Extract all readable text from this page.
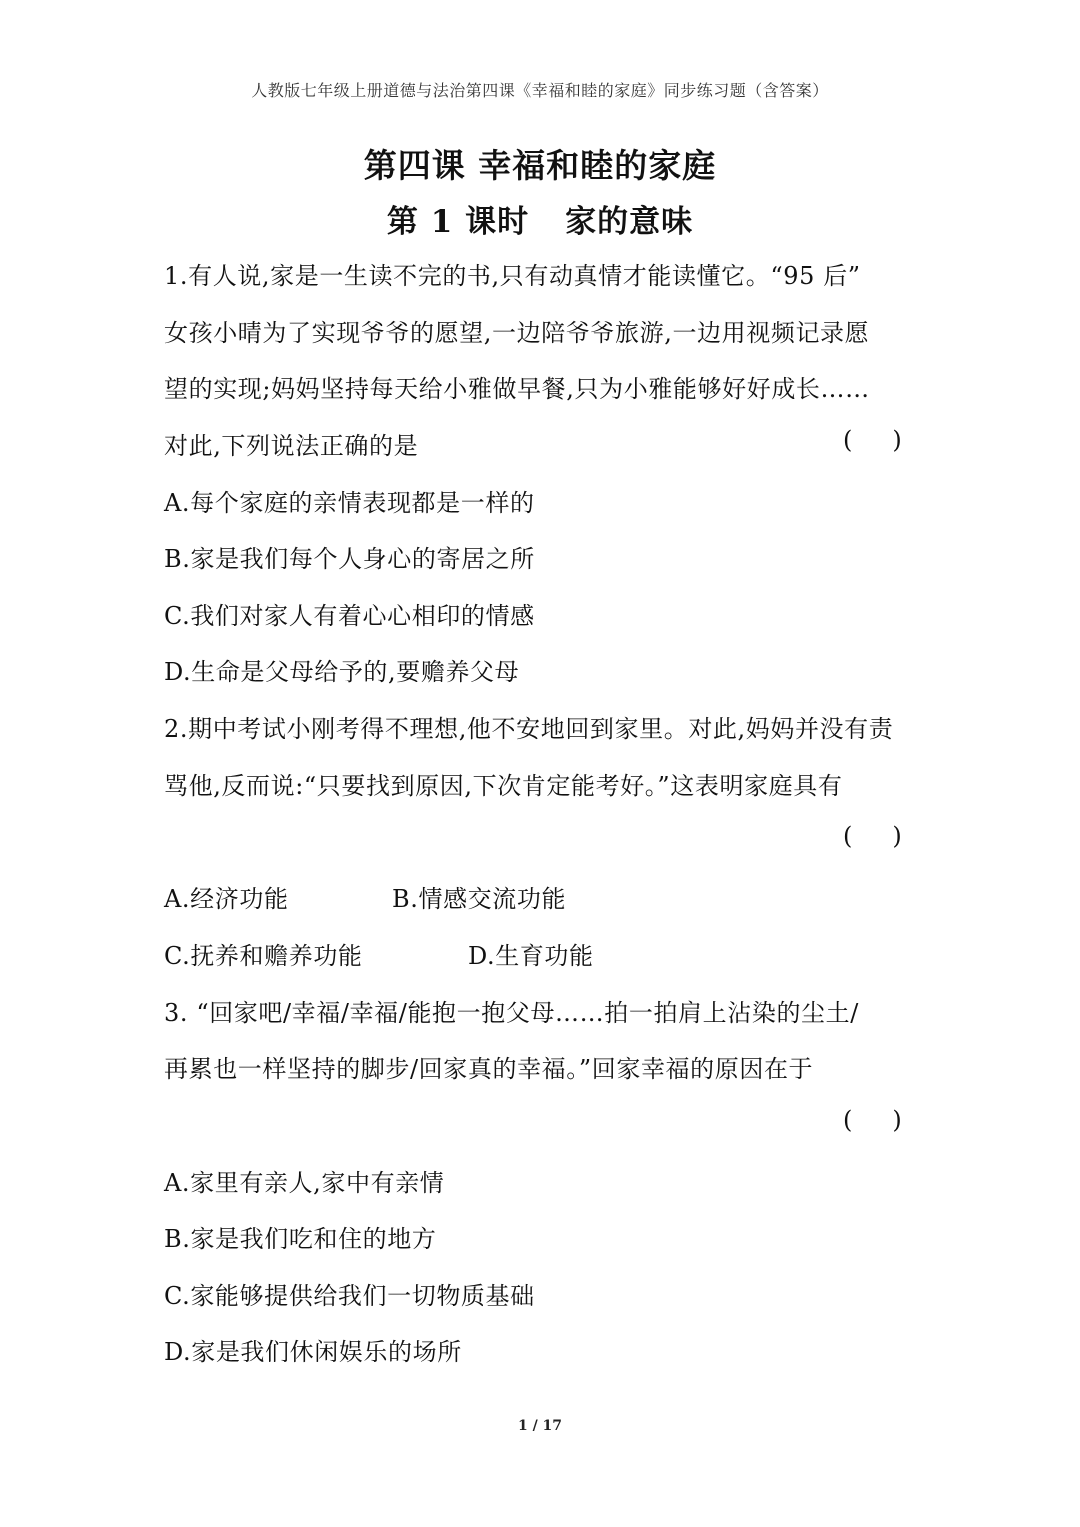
人教版七年级上册道德与法治第四课《幸福和睦的家庭》同步练习题（含答案）
第四课 幸福和睦的家庭
第 1 课时 家的意味
1.有人说,家是一生读不完的书,只有动真情才能读懂它。“95 后”
女孩小晴为了实现爷爷的愿望,一边陪爷爷旅游,一边用视频记录愿
望的实现;妈妈坚持每天给小雅做早餐,只为小雅能够好好成长……
对此,下列说法正确的是	( )
A.每个家庭的亲情表现都是一样的
B.家是我们每个人身心的寄居之所
C.我们对家人有着心心相印的情感
D.生命是父母给予的,要赡养父母
2.期中考试小刚考得不理想,他不安地回到家里。对此,妈妈并没有责
骂他,反而说:“只要找到原因,下次肯定能考好。”这表明家庭具有
( )
A.经济功能	B.情感交流功能
C.抚养和赡养功能	D.生育功能
3. “回家吧/幸福/幸福/能抱一抱父母……拍一拍肩上沾染的尘土/
再累也一样坚持的脚步/回家真的幸福。”回家幸福的原因在于
( )
A.家里有亲人,家中有亲情
B.家是我们吃和住的地方
C.家能够提供给我们一切物质基础
D.家是我们休闲娱乐的场所
1 / 17
